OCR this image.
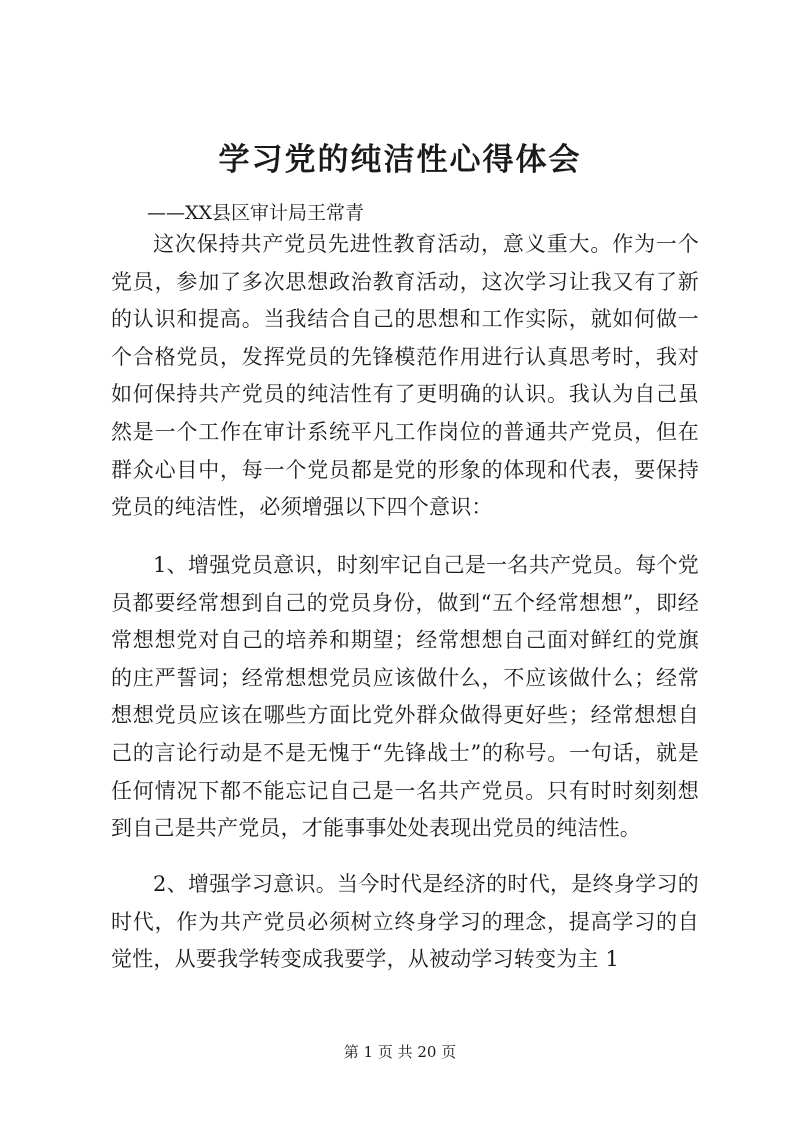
学习党的纯洁性心得体会

——XX县区审计局王常青

这次保持共产党员先进性教育活动，意义重大。作为一个党员，参加了多次思想政治教育活动，这次学习让我又有了新的认识和提高。当我结合自己的思想和工作实际，就如何做一个合格党员，发挥党员的先锋模范作用进行认真思考时，我对如何保持共产党员的纯洁性有了更明确的认识。我认为自己虽然是一个工作在审计系统平凡工作岗位的普通共产党员，但在群众心目中，每一个党员都是党的形象的体现和代表，要保持党员的纯洁性，必须增强以下四个意识：

1、增强党员意识，时刻牢记自己是一名共产党员。每个党员都要经常想到自己的党员身份，做到“五个经常想想”，即经常想想党对自己的培养和期望；经常想想自己面对鲜红的党旗的庄严誓词；经常想想党员应该做什么，不应该做什么；经常想想党员应该在哪些方面比党外群众做得更好些；经常想想自己的言论行动是不是无愧于“先锋战士”的称号。一句话，就是任何情况下都不能忘记自己是一名共产党员。只有时时刻刻想到自己是共产党员，才能事事处处表现出党员的纯洁性。

2、增强学习意识。当今时代是经济的时代，是终身学习的时代，作为共产党员必须树立终身学习的理念，提高学习的自觉性，从要我学转变成我要学，从被动学习转变为主 1

第 1 页 共 20 页
